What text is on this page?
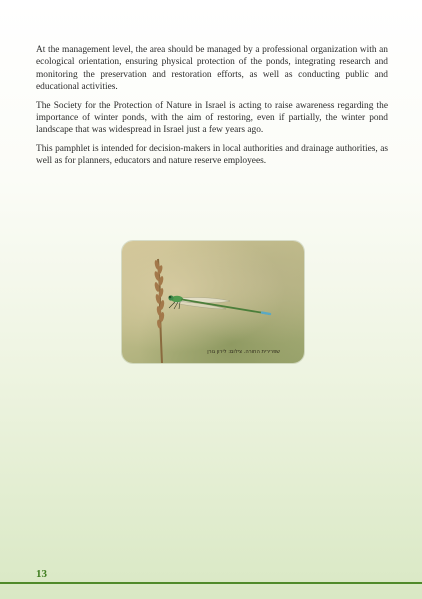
At the management level, the area should be managed by a professional organization with an ecological orientation, ensuring physical protection of the ponds, integrating research and monitoring the preservation and restoration efforts, as well as conducting public and educational activities.

The Society for the Protection of Nature in Israel is acting to raise awareness regarding the importance of winter ponds, with the aim of restoring, even if partially, the winter pond landscape that was widespread in Israel just a few years ago.

This pamphlet is intended for decision-makers in local authorities and drainage authorities, as well as for planners, educators and nature reserve employees.

שפרירית החורה. צילום: לירון גורן
13
